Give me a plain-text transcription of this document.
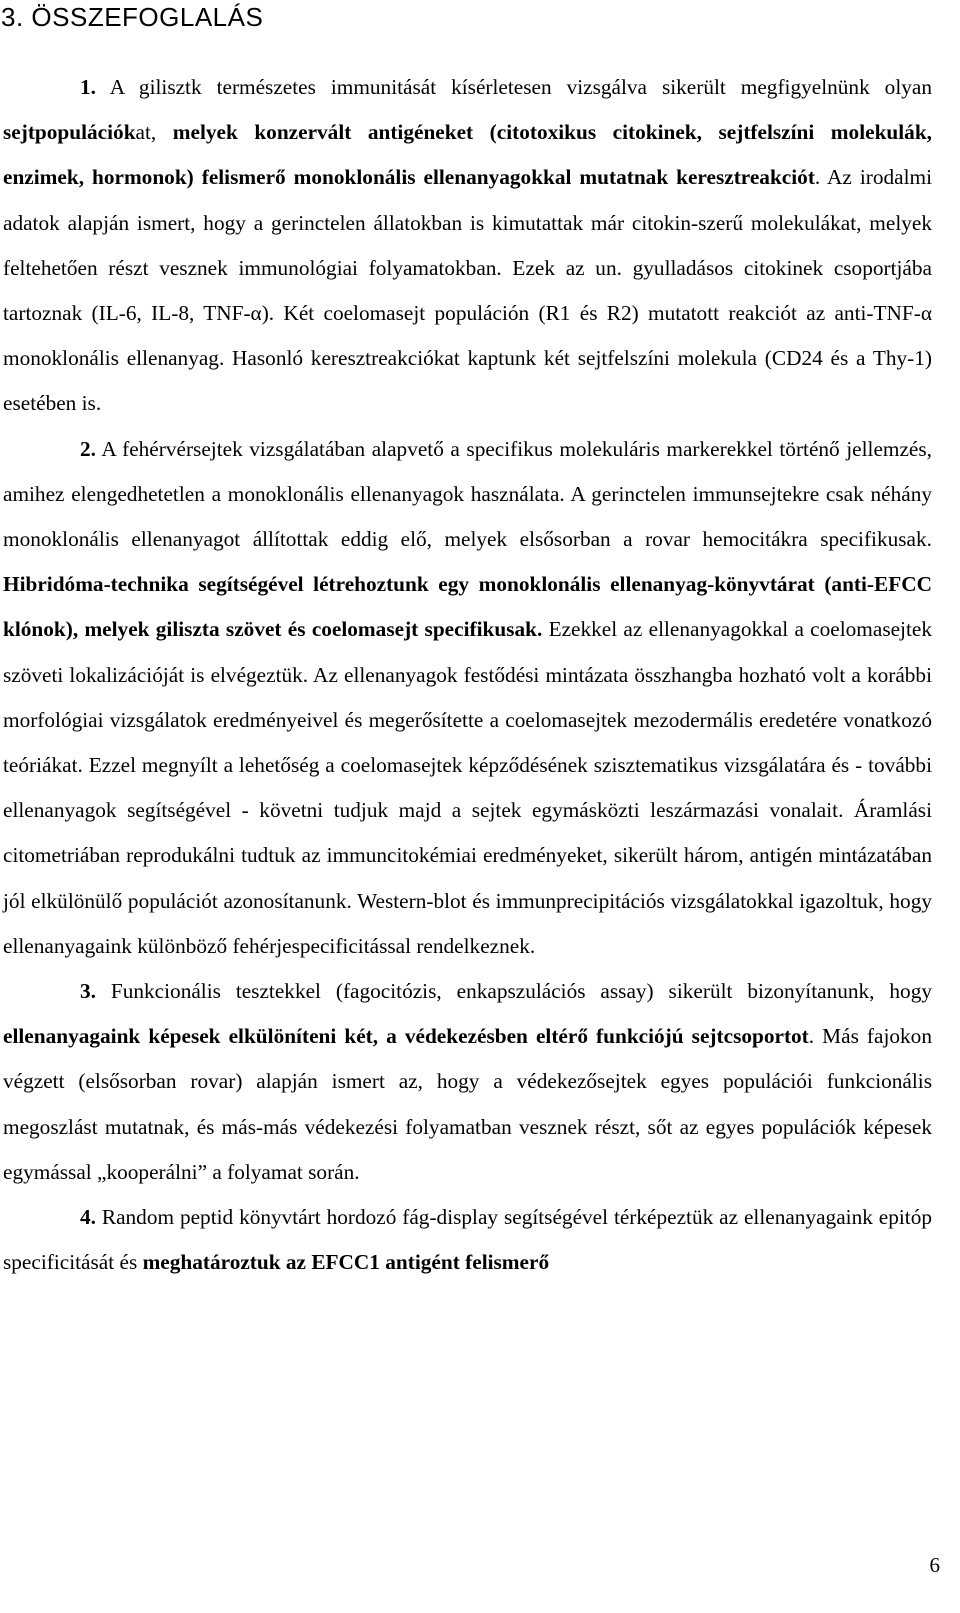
3. ÖSSZEFOGLALÁS

1. A gilisztk természetes immunitását kísérletesen vizsgálva sikerült megfigyelnünk olyan sejtpopulációkat, melyek konzervált antigéneket (citotoxikus citokinek, sejtfelszíni molekulák, enzimek, hormonok) felismerő monoklonális ellenanyagokkal mutatnak keresztreakciót. Az irodalmi adatok alapján ismert, hogy a gerinctelen állatokban is kimutattak már citokin-szerű molekulákat, melyek feltehetően részt vesznek immunológiai folyamatokban. Ezek az un. gyulladásos citokinek csoportjába tartoznak (IL-6, IL-8, TNF-α). Két coelomasejt populáción (R1 és R2) mutatott reakciót az anti-TNF-α monoklonális ellenanyag. Hasonló keresztreakciókat kaptunk két sejtfelszíni molekula (CD24 és a Thy-1) esetében is.

2. A fehérvérsejtek vizsgálatában alapvető a specifikus molekuláris markerekkel történő jellemzés, amihez elengedhetetlen a monoklonális ellenanyagok használata. A gerinctelen immunsejtekre csak néhány monoklonális ellenanyagot állítottak eddig elő, melyek elsősorban a rovar hemocitákra specifikusak. Hibridóma-technika segítségével létrehoztunk egy monoklonális ellenanyag-könyvtárat (anti-EFCC klónok), melyek giliszta szövet és coelomasejt specifikusak. Ezekkel az ellenanyagokkal a coelomasejtek szöveti lokalizációját is elvégeztük. Az ellenanyagok festődési mintázata összhangba hozható volt a korábbi morfológiai vizsgálatok eredményeivel és megerősítette a coelomasejtek mezodermális eredetére vonatkozó teóriákat. Ezzel megnyílt a lehetőség a coelomasejtek képződésének szisztematikus vizsgálatára és - további ellenanyagok segítségével - követni tudjuk majd a sejtek egymásközti leszármazási vonalait. Áramlási citometriában reprodukálni tudtuk az immuncitokémiai eredményeket, sikerült három, antigén mintázatában jól elkülönülő populációt azonosítanunk. Western-blot és immunprecipitációs vizsgálatokkal igazoltuk, hogy ellenanyagaink különböző fehérjespecificitással rendelkeznek.

3. Funkcionális tesztekkel (fagocitózis, enkapszulációs assay) sikerült bizonyítanunk, hogy ellenanyagaink képesek elkülöníteni két, a védekezésben eltérő funkciójú sejtcsoportot. Más fajokon végzett (elsősorban rovar) alapján ismert az, hogy a védekezősejtek egyes populációi funkcionális megoszlást mutatnak, és más-más védekezési folyamatban vesznek részt, sőt az egyes populációk képesek egymással „kooperálni” a folyamat során.

4. Random peptid könyvtárt hordozó fág-display segítségével térképeztük az ellenanyagaink epitóp specificitását és meghatároztuk az EFCC1 antigént felismerő

6
